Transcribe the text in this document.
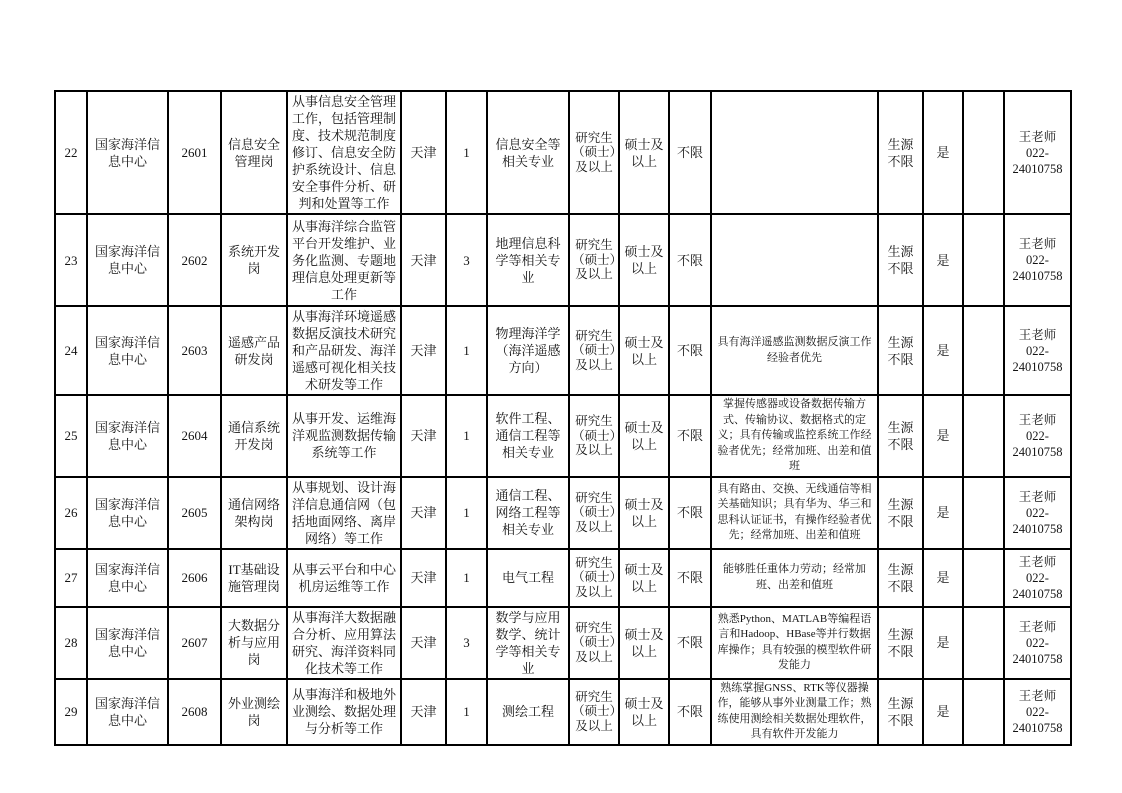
22	国家海洋信息中心	2601	信息安全管理岗	从事信息安全管理工作，包括管理制度、技术规范制度修订、信息安全防护系统设计、信息安全事件分析、研判和处置等工作	天津	1	信息安全等相关专业	研究生（硕士）及以上	硕士及以上	不限		生源不限	是		王老师 022-24010758
23	国家海洋信息中心	2602	系统开发岗	从事海洋综合监管平台开发维护、业务化监测、专题地理信息处理更新等工作	天津	3	地理信息科学等相关专业	研究生（硕士）及以上	硕士及以上	不限		生源不限	是		王老师 022-24010758
24	国家海洋信息中心	2603	遥感产品研发岗	从事海洋环境遥感数据反演技术研究和产品研发、海洋遥感可视化相关技术研发等工作	天津	1	物理海洋学（海洋遥感方向）	研究生（硕士）及以上	硕士及以上	不限	具有海洋遥感监测数据反演工作经验者优先	生源不限	是		王老师 022-24010758
25	国家海洋信息中心	2604	通信系统开发岗	从事开发、运维海洋观监测数据传输系统等工作	天津	1	软件工程、通信工程等相关专业	研究生（硕士）及以上	硕士及以上	不限	掌握传感器或设备数据传输方式、传输协议、数据格式的定义；具有传输或监控系统工作经验者优先；经常加班、出差和值班	生源不限	是		王老师 022-24010758
26	国家海洋信息中心	2605	通信网络架构岗	从事规划、设计海洋信息通信网（包括地面网络、离岸网络）等工作	天津	1	通信工程、网络工程等相关专业	研究生（硕士）及以上	硕士及以上	不限	具有路由、交换、无线通信等相关基础知识；具有华为、华三和思科认证证书，有操作经验者优先；经常加班、出差和值班	生源不限	是		王老师 022-24010758
27	国家海洋信息中心	2606	IT基础设施管理岗	从事云平台和中心机房运维等工作	天津	1	电气工程	研究生（硕士）及以上	硕士及以上	不限	能够胜任重体力劳动；经常加班、出差和值班	生源不限	是		王老师 022-24010758
28	国家海洋信息中心	2607	大数据分析与应用岗	从事海洋大数据融合分析、应用算法研究、海洋资料同化技术等工作	天津	3	数学与应用数学、统计学等相关专业	研究生（硕士）及以上	硕士及以上	不限	熟悉Python、MATLAB等编程语言和Hadoop、HBase等并行数据库操作；具有较强的模型软件研发能力	生源不限	是		王老师 022-24010758
29	国家海洋信息中心	2608	外业测绘岗	从事海洋和极地外业测绘、数据处理与分析等工作	天津	1	测绘工程	研究生（硕士）及以上	硕士及以上	不限	熟练掌握GNSS、RTK等仪器操作，能够从事外业测量工作；熟练使用测绘相关数据处理软件，具有软件开发能力	生源不限	是		王老师 022-24010758
